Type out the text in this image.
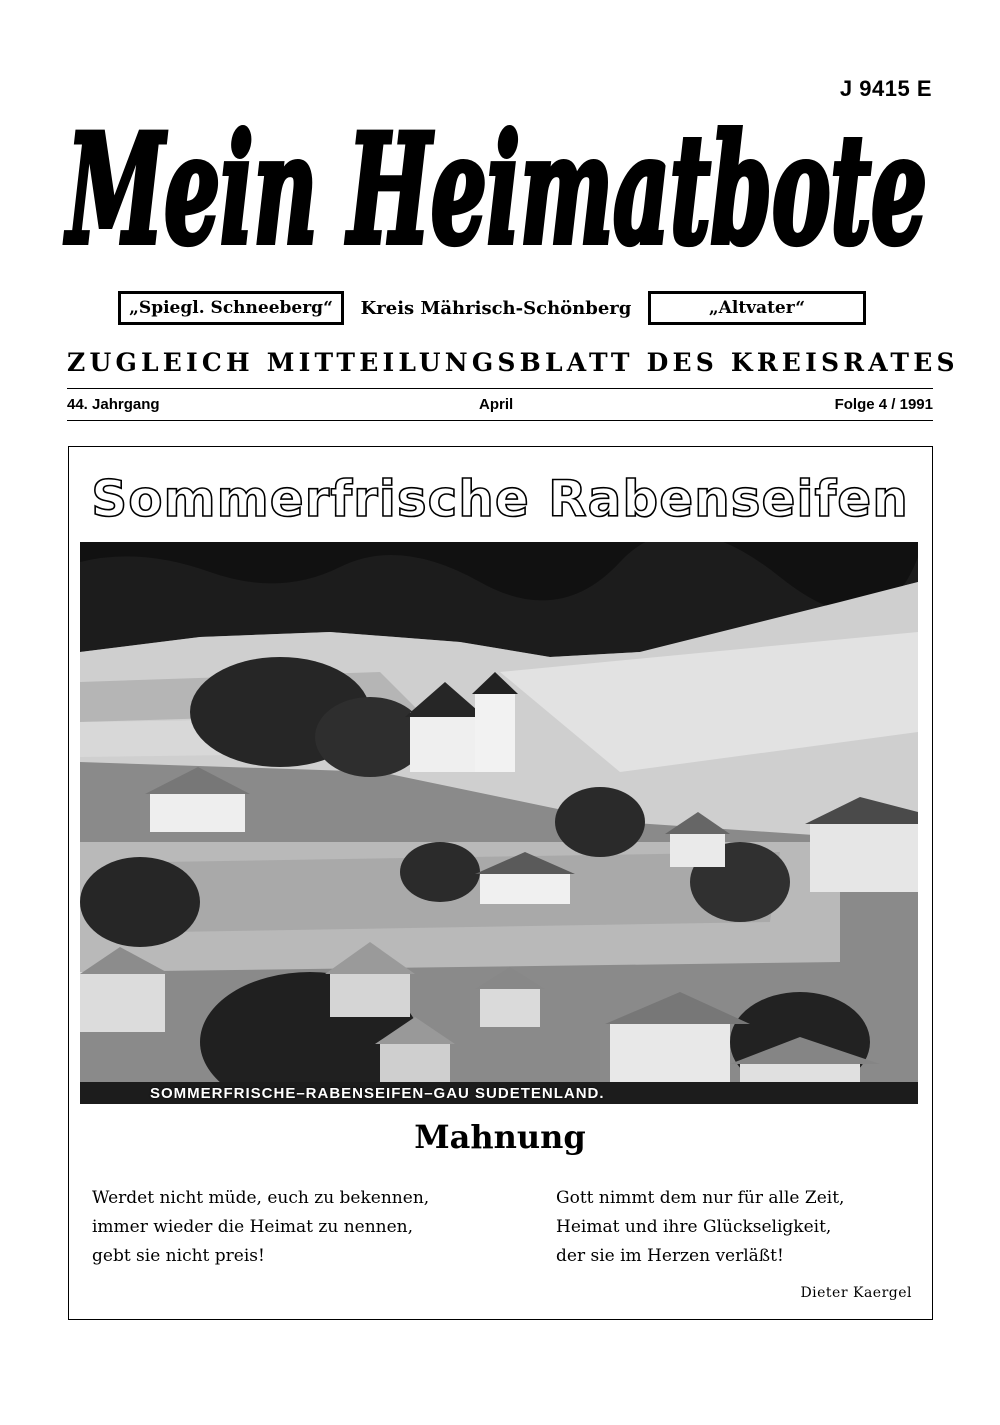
J 9415 E
Mein Heimatbote
„Spiegl. Schneeberg“	Kreis Mährisch-Schönberg	„Altvater“
ZUGLEICH MITTEILUNGSBLATT DES KREISRATES
44. Jahrgang	April	Folge 4 / 1991
Sommerfrische Rabenseifen
SOMMERFRISCHE–RABENSEIFEN–GAU SUDETENLAND.
Mahnung
Werdet nicht müde, euch zu bekennen,
immer wieder die Heimat zu nennen,
gebt sie nicht preis!
Gott nimmt dem nur für alle Zeit,
Heimat und ihre Glückseligkeit,
der sie im Herzen verläßt!
Dieter Kaergel
